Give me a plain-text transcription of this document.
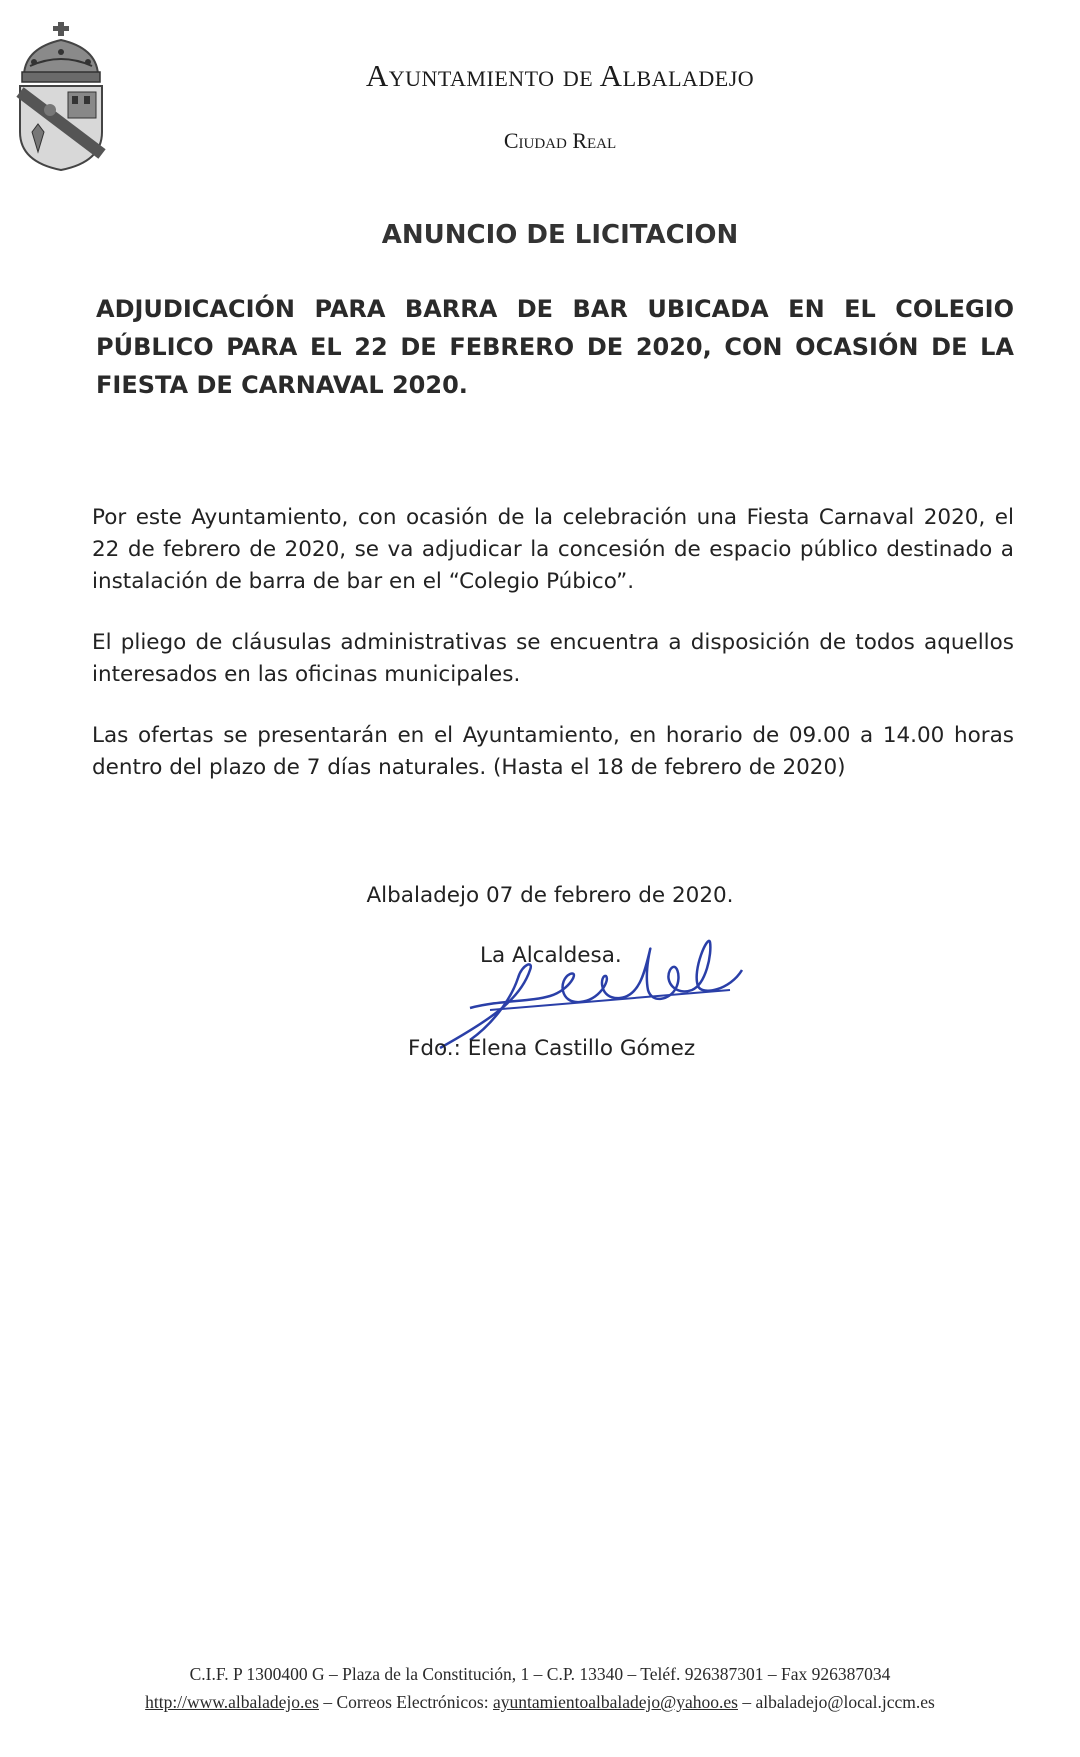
Ayuntamiento de Albaladejo
Ciudad Real
ANUNCIO DE LICITACION
ADJUDICACIÓN PARA BARRA DE BAR UBICADA EN EL COLEGIO PÚBLICO PARA EL 22 DE FEBRERO DE 2020, CON OCASIÓN DE LA FIESTA DE CARNAVAL 2020.

Por este Ayuntamiento, con ocasión de la celebración una Fiesta Carnaval 2020, el 22 de febrero de 2020, se va adjudicar la concesión de espacio público destinado a instalación de barra de bar en el “Colegio Púbico”.

El pliego de cláusulas administrativas se encuentra a disposición de todos aquellos interesados en las oficinas municipales.

Las ofertas se presentarán en el Ayuntamiento, en horario de 09.00 a 14.00 horas dentro del plazo de 7 días naturales. (Hasta el 18 de febrero de 2020)

Albaladejo 07 de febrero de 2020.
La Alcaldesa.
Fdo.: Elena Castillo Gómez
C.I.F. P 1300400 G – Plaza de la Constitución, 1 – C.P. 13340 – Teléf. 926387301 – Fax 926387034
http://www.albaladejo.es – Correos Electrónicos: ayuntamientoalbaladejo@yahoo.es – albaladejo@local.jccm.es
